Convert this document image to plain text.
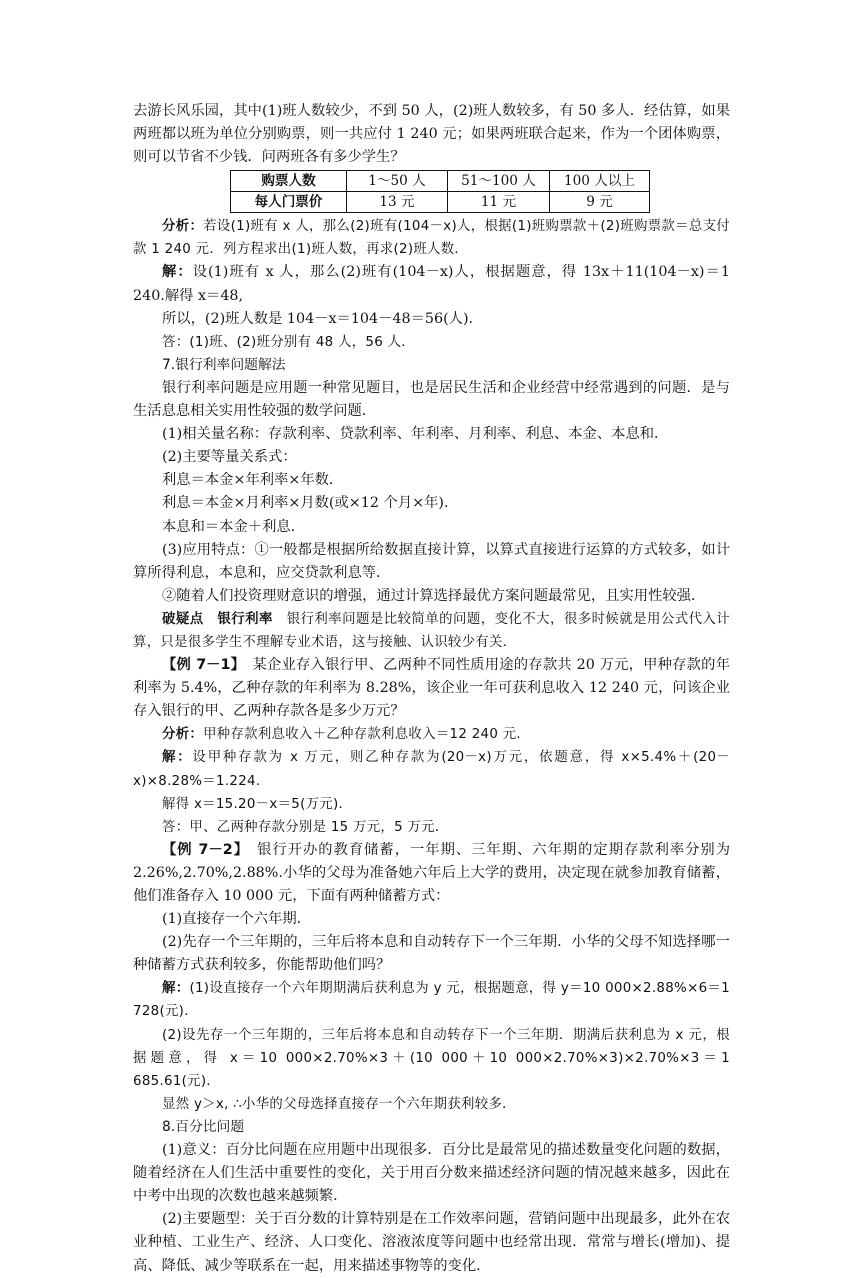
去游长风乐园，其中(1)班人数较少，不到 50 人，(2)班人数较多，有 50 多人．经估算，如果两班都以班为单位分别购票，则一共应付 1 240 元；如果两班联合起来，作为一个团体购票，则可以节省不少钱．问两班各有多少学生？

购票人数	1～50 人	51～100 人	100 人以上
每人门票价	13 元	11 元	9 元

分析：若设(1)班有 x 人，那么(2)班有(104－x)人，根据(1)班购票款＋(2)班购票款＝总支付款 1 240 元．列方程求出(1)班人数，再求(2)班人数．

解：设(1)班有 x 人，那么(2)班有(104－x)人，根据题意，得 13x＋11(104－x)＝1 240.解得 x＝48,

所以，(2)班人数是 104－x＝104－48＝56(人)．

答：(1)班、(2)班分别有 48 人，56 人．

7.银行利率问题解法

银行利率问题是应用题一种常见题目，也是居民生活和企业经营中经常遇到的问题．是与生活息息相关实用性较强的数学问题．

(1)相关量名称：存款利率、贷款利率、年利率、月利率、利息、本金、本息和．

(2)主要等量关系式：

利息＝本金×年利率×年数．

利息＝本金×月利率×月数(或×12 个月×年)．

本息和＝本金＋利息．

(3)应用特点：①一般都是根据所给数据直接计算，以算式直接进行运算的方式较多，如计算所得利息，本息和，应交贷款利息等．

②随着人们投资理财意识的增强，通过计算选择最优方案问题最常见，且实用性较强．

破疑点　银行利率　 银行利率问题是比较简单的问题，变化不大，很多时候就是用公式代入计算，只是很多学生不理解专业术语，这与接触、认识较少有关．

【例 7－1】　 某企业存入银行甲、乙两种不同性质用途的存款共 20 万元，甲种存款的年利率为 5.4%，乙种存款的年利率为 8.28%，该企业一年可获利息收入 12 240 元，问该企业存入银行的甲、乙两种存款各是多少万元？

分析：甲种存款利息收入＋乙种存款利息收入＝12 240 元．

解：设甲种存款为 x 万元，则乙种存款为(20－x)万元，依题意，得 x×5.4%＋(20－x)×8.28%＝1.224.

解得 x＝15.20－x＝5(万元)．

答：甲、乙两种存款分别是 15 万元，5 万元．

【例 7－2】　 银行开办的教育储蓄，一年期、三年期、六年期的定期存款利率分别为 2.26%,2.70%,2.88%.小华的父母为准备她六年后上大学的费用，决定现在就参加教育储蓄，他们准备存入 10 000 元，下面有两种储蓄方式：

(1)直接存一个六年期．

(2)先存一个三年期的，三年后将本息和自动转存下一个三年期．小华的父母不知选择哪一种储蓄方式获利较多，你能帮助他们吗？

解：(1)设直接存一个六年期期满后获利息为 y 元，根据题意，得 y＝10 000×2.88%×6＝1 728(元)．

(2)设先存一个三年期的，三年后将本息和自动转存下一个三年期．期满后获利息为 x 元，根据题意，得 x＝10 000×2.70%×3＋(10 000＋10 000×2.70%×3)×2.70%×3＝1 685.61(元)．

显然 y＞x, ∴小华的父母选择直接存一个六年期获利较多．

8.百分比问题

(1)意义：百分比问题在应用题中出现很多．百分比是最常见的描述数量变化问题的数据，随着经济在人们生活中重要性的变化，关于用百分数来描述经济问题的情况越来越多，因此在中考中出现的次数也越来越频繁．

(2)主要题型：关于百分数的计算特别是在工作效率问题，营销问题中出现最多，此外在农业种植、工业生产、经济、人口变化、溶液浓度等问题中也经常出现．常常与增长(增加)、提高、降低、减少等联系在一起，用来描述事物等的变化．
